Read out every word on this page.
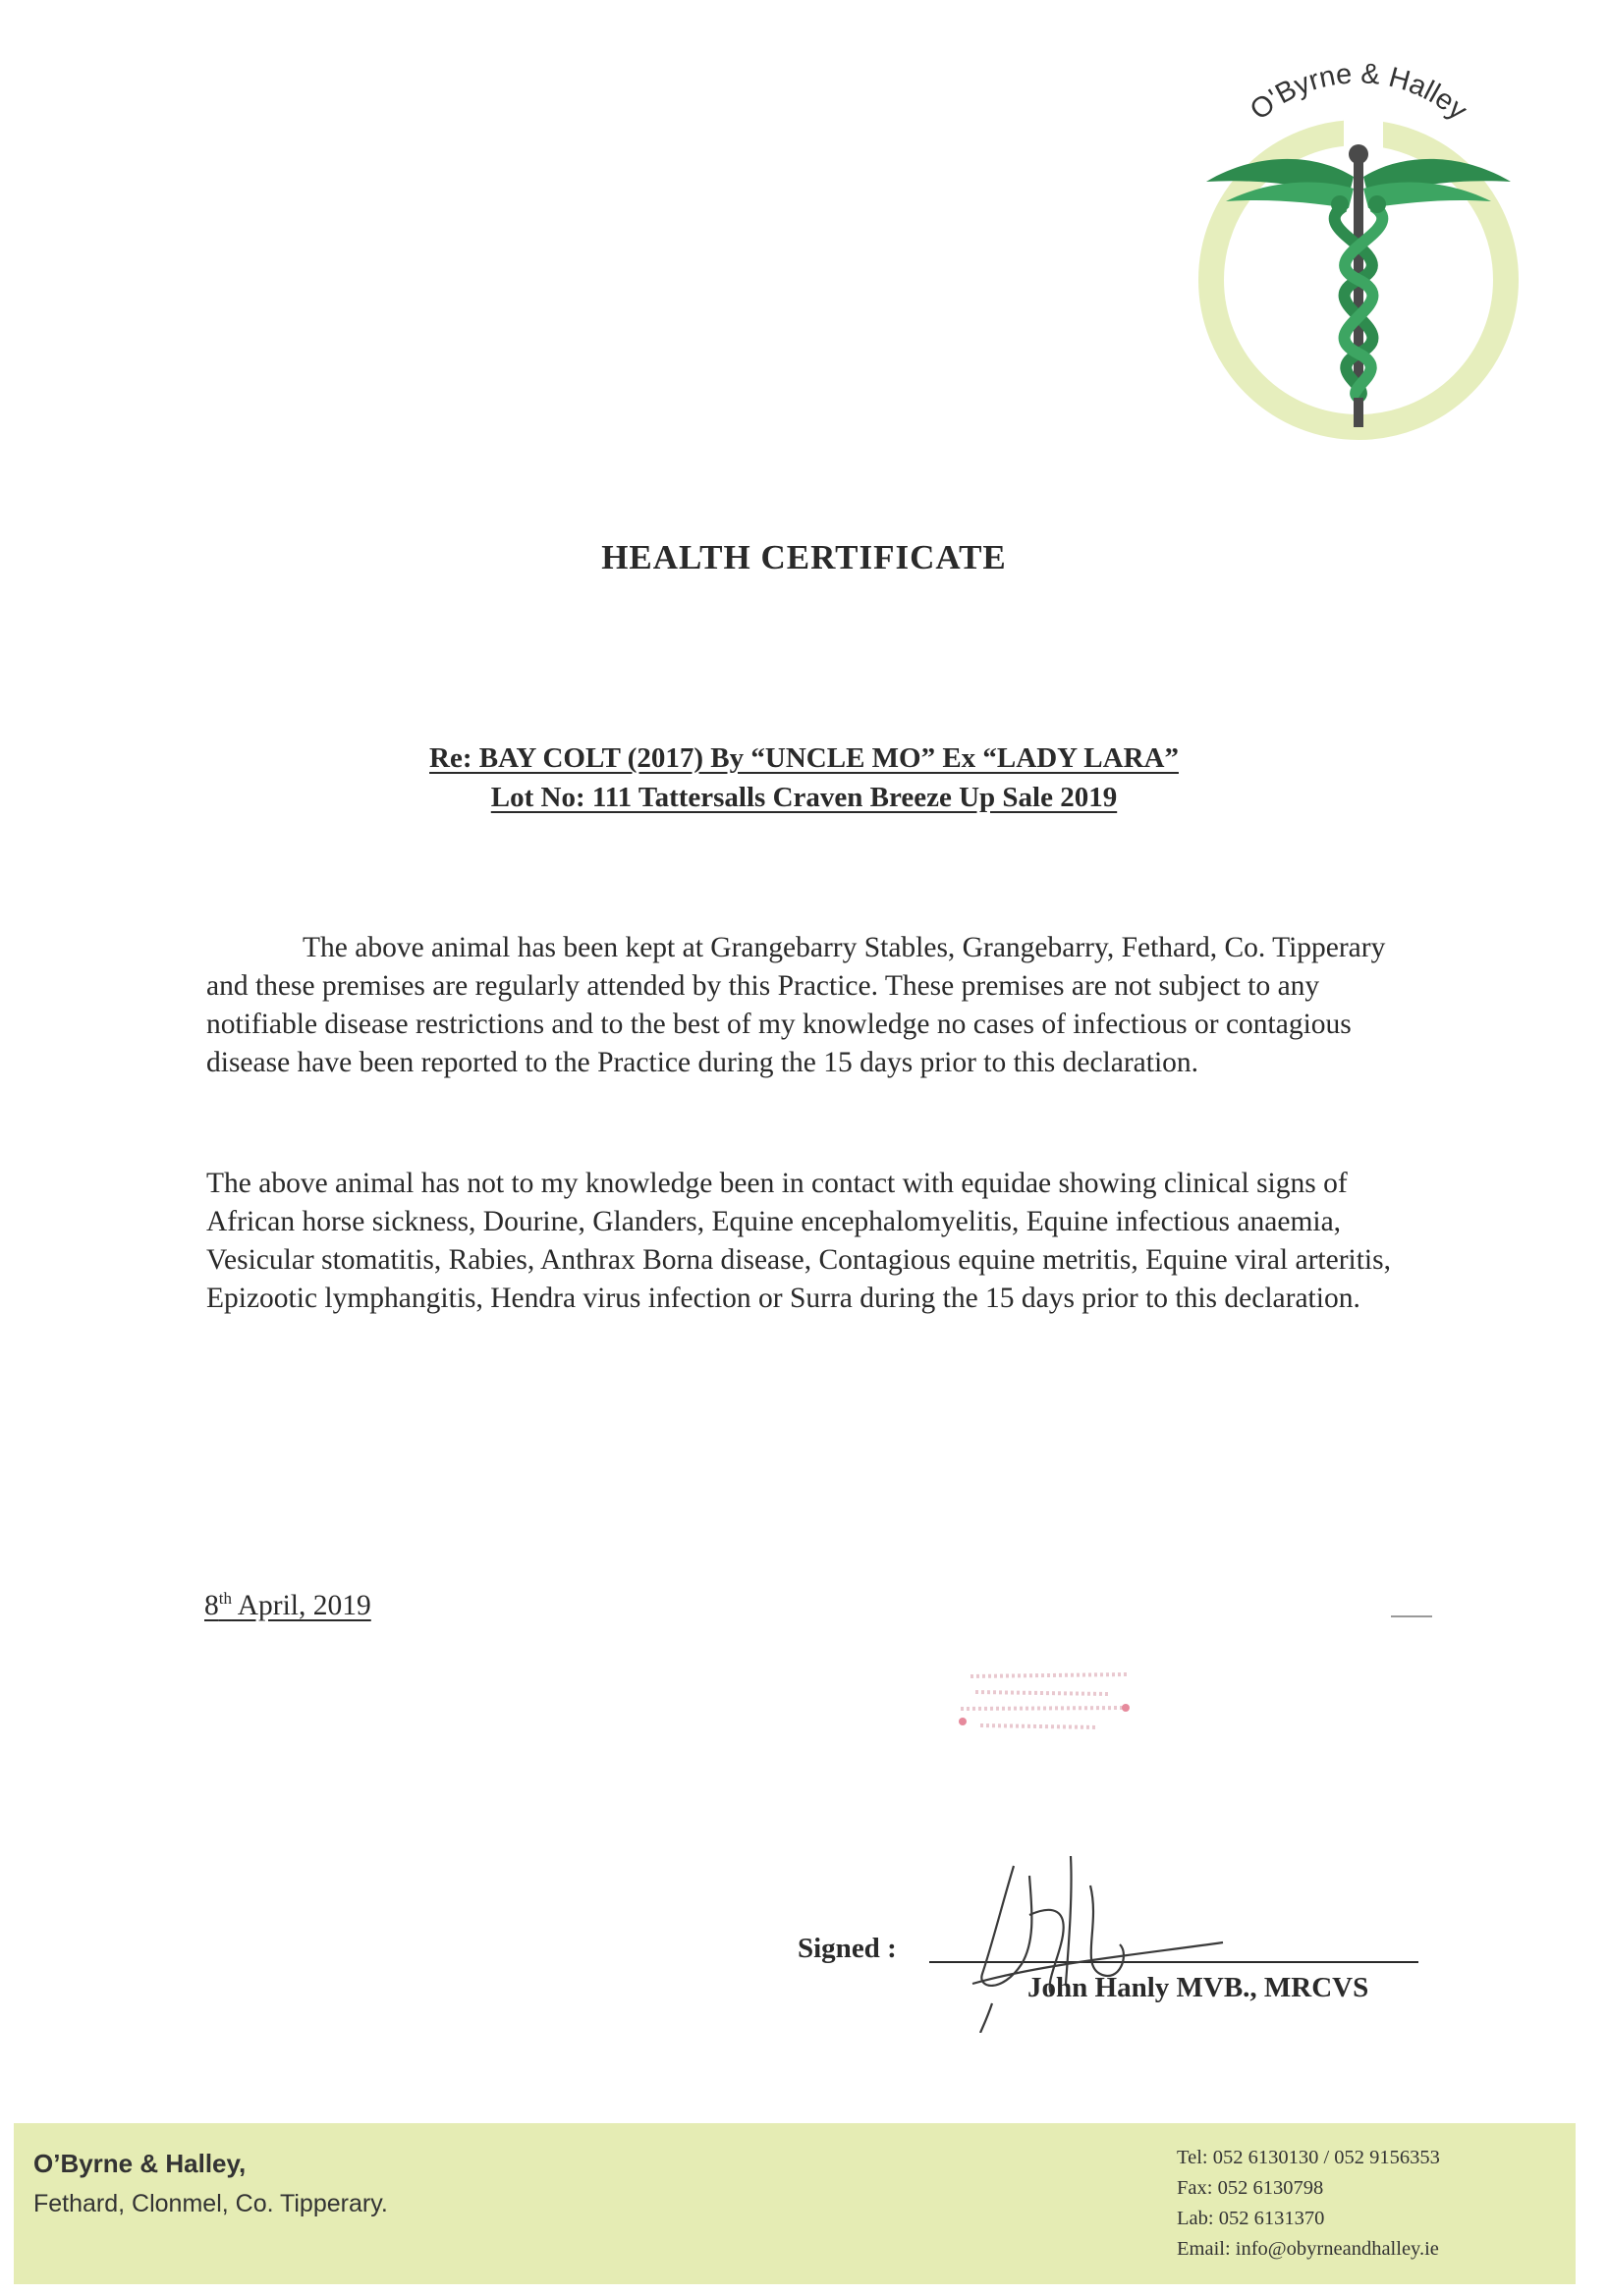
O'Byrne & Halley
HEALTH CERTIFICATE
Re: BAY COLT (2017) By “UNCLE MO” Ex “LADY LARA”
Lot No: 111 Tattersalls Craven Breeze Up Sale 2019
The above animal has been kept at Grangebarry Stables, Grangebarry, Fethard, Co. Tipperary and these premises are regularly attended by this Practice. These premises are not subject to any notifiable disease restrictions and to the best of my knowledge no cases of infectious or contagious disease have been reported to the Practice during the 15 days prior to this declaration.
The above animal has not to my knowledge been in contact with equidae showing clinical signs of African horse sickness, Dourine, Glanders, Equine encephalomyelitis, Equine infectious anaemia, Vesicular stomatitis, Rabies, Anthrax Borna disease, Contagious equine metritis, Equine viral arteritis, Epizootic lymphangitis, Hendra virus infection or Surra during the 15 days prior to this declaration.
8th April, 2019
Signed :
John Hanly MVB., MRCVS
O’Byrne & Halley,
Fethard, Clonmel, Co. Tipperary.
Tel: 052 6130130 / 052 9156353
Fax: 052 6130798
Lab: 052 6131370
Email: info@obyrneandhalley.ie
